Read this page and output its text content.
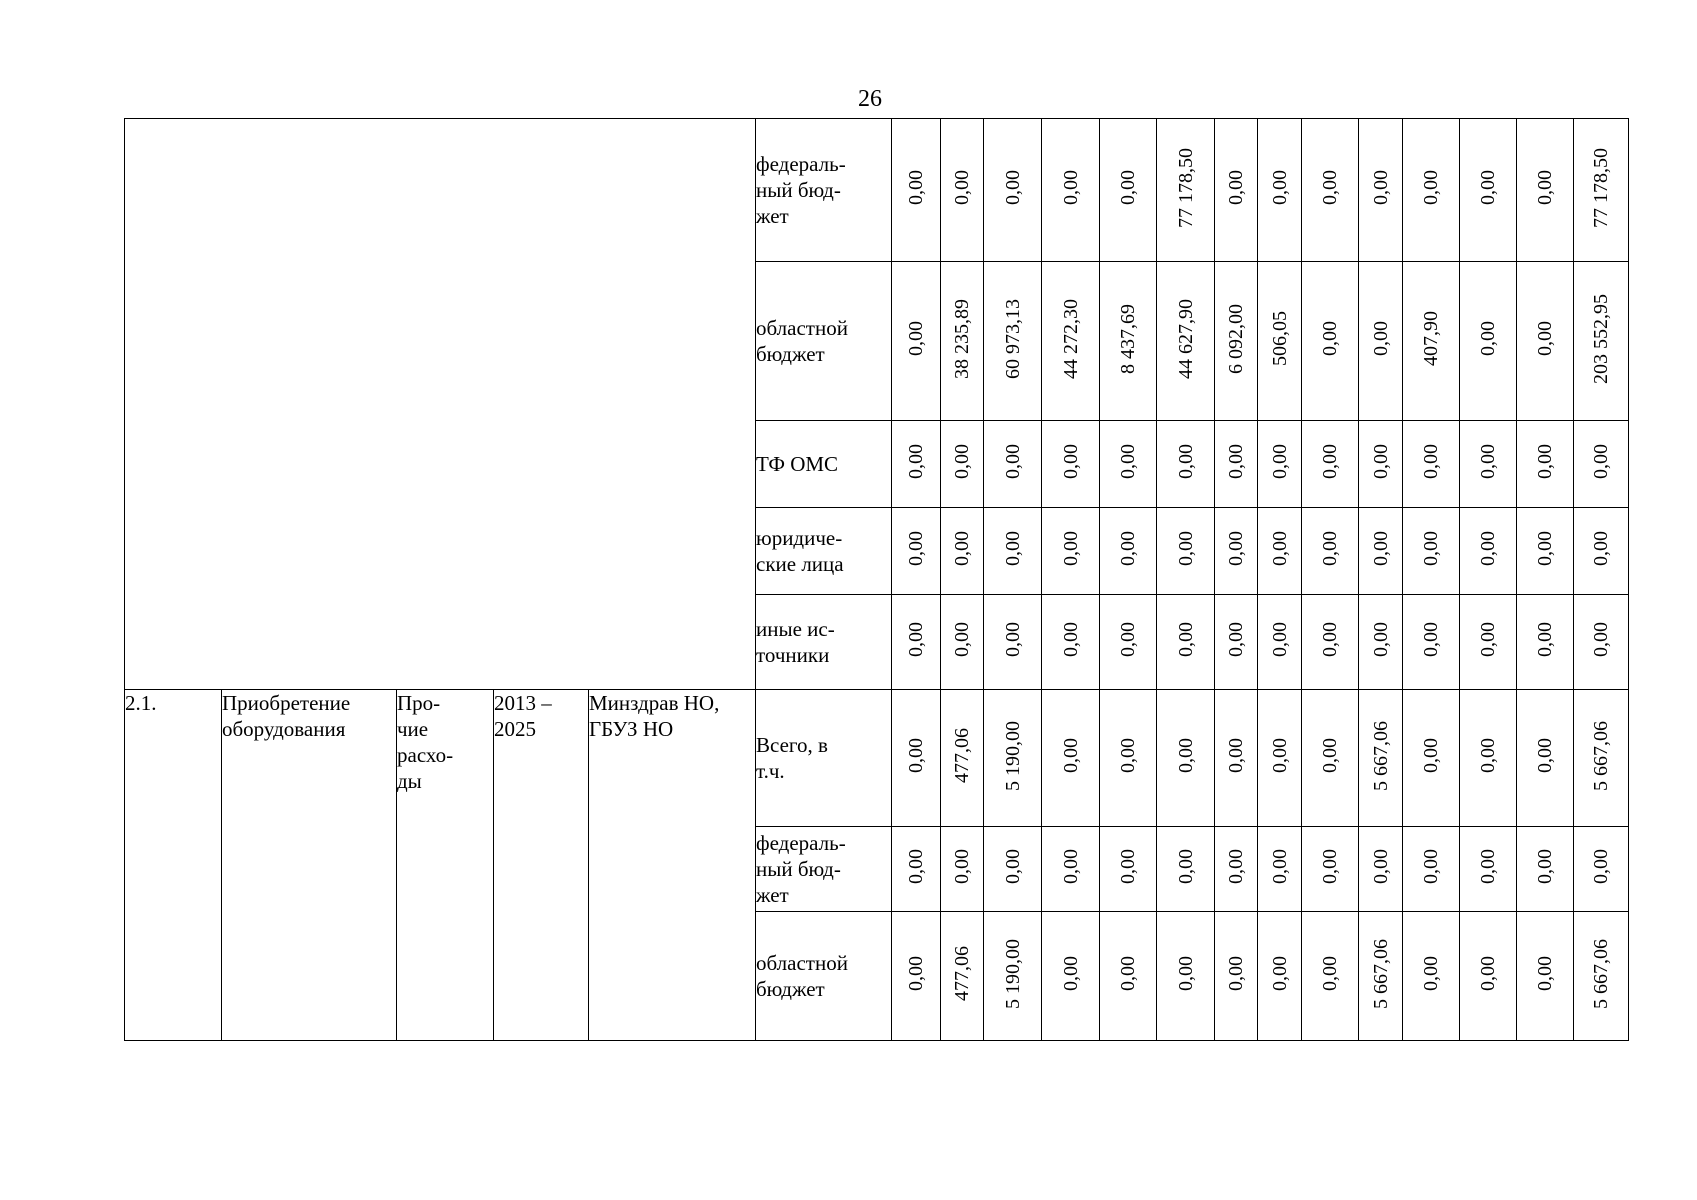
26
					федераль-
ный бюд-
жет	0,00	0,00	0,00	0,00	0,00	77 178,50	0,00	0,00	0,00	0,00	0,00	0,00	0,00	77 178,50
					областной
бюджет	0,00	38 235,89	60 973,13	44 272,30	8 437,69	44 627,90	6 092,00	506,05	0,00	0,00	407,90	0,00	0,00	203 552,95
					ТФ ОМС	0,00	0,00	0,00	0,00	0,00	0,00	0,00	0,00	0,00	0,00	0,00	0,00	0,00	0,00
					юридиче-
ские лица	0,00	0,00	0,00	0,00	0,00	0,00	0,00	0,00	0,00	0,00	0,00	0,00	0,00	0,00
					иные ис-
точники	0,00	0,00	0,00	0,00	0,00	0,00	0,00	0,00	0,00	0,00	0,00	0,00	0,00	0,00
2.1.	Приобретение оборудования	Про-
чие
расхо-
ды	2013 –
2025	Минздрав НО, ГБУЗ НО	Всего, в
т.ч.	0,00	477,06	5 190,00	0,00	0,00	0,00	0,00	0,00	0,00	5 667,06	0,00	0,00	0,00	5 667,06
					федераль-
ный бюд-
жет	0,00	0,00	0,00	0,00	0,00	0,00	0,00	0,00	0,00	0,00	0,00	0,00	0,00	0,00
					областной
бюджет	0,00	477,06	5 190,00	0,00	0,00	0,00	0,00	0,00	0,00	5 667,06	0,00	0,00	0,00	5 667,06
